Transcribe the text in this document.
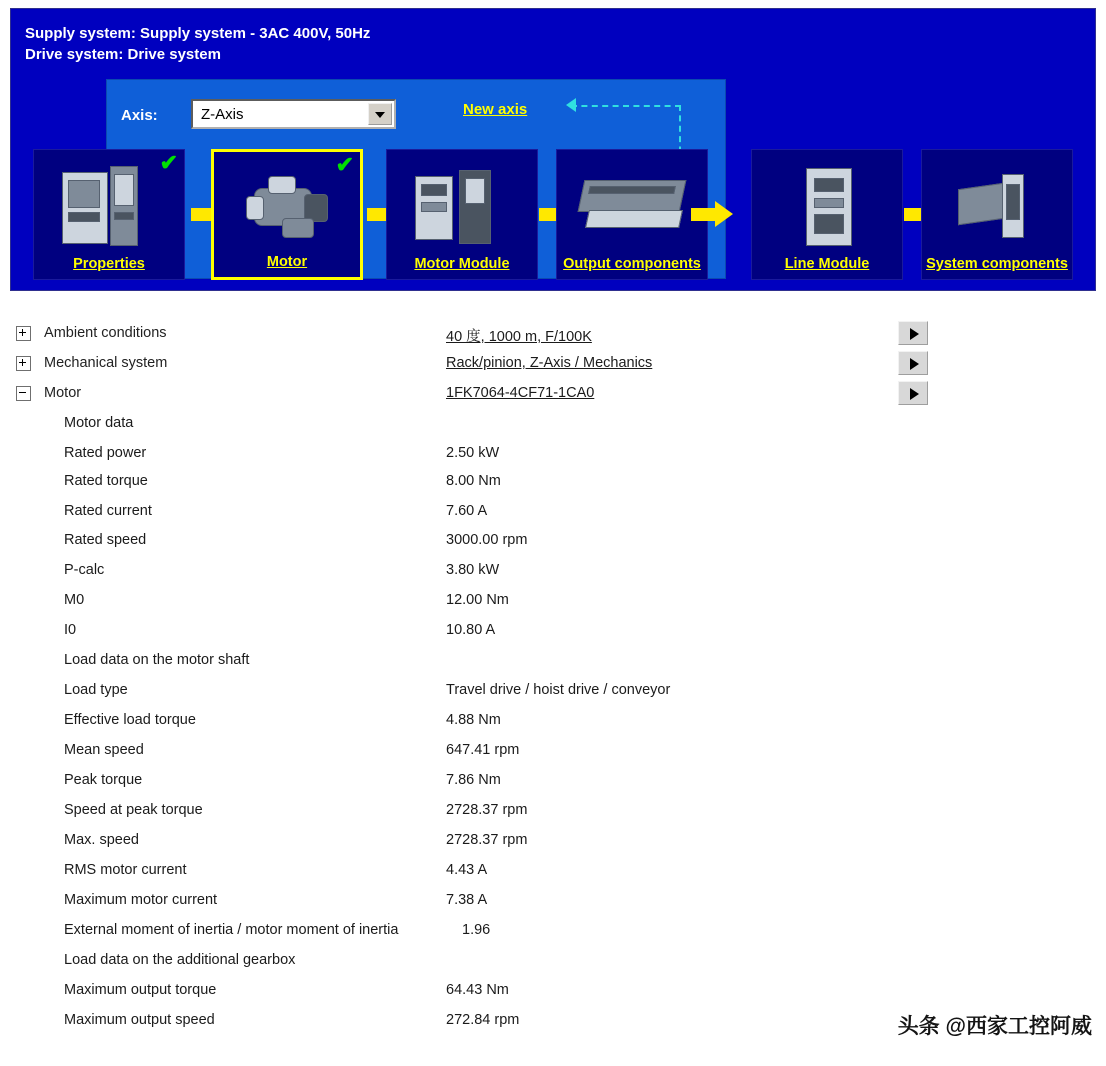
Supply system: Supply system - 3AC 400V, 50Hz
Drive system: Drive system
Axis:	Z-Axis	New axis
✔
Properties
✔
Motor	Motor Module	Output components	Line Module	System components
Ambient conditions	40 度, 1000 m, F/100K
Mechanical system	Rack/pinion, Z-Axis / Mechanics
Motor	1FK7064-4CF71-1CA0
Motor data
Rated power	2.50 kW
Rated torque	8.00 Nm
Rated current	7.60 A
Rated speed	3000.00 rpm
P-calc	3.80 kW
M0	12.00 Nm
I0	10.80 A
Load data on the motor shaft
Load type	Travel drive / hoist drive / conveyor
Effective load torque	4.88 Nm
Mean speed	647.41 rpm
Peak torque	7.86 Nm
Speed at peak torque	2728.37 rpm
Max. speed	2728.37 rpm
RMS motor current	4.43 A
Maximum motor current	7.38 A
External moment of inertia / motor moment of inertia	1.96
Load data on the additional gearbox
Maximum output torque	64.43 Nm
Maximum output speed	272.84 rpm	头条 @西家工控阿威
